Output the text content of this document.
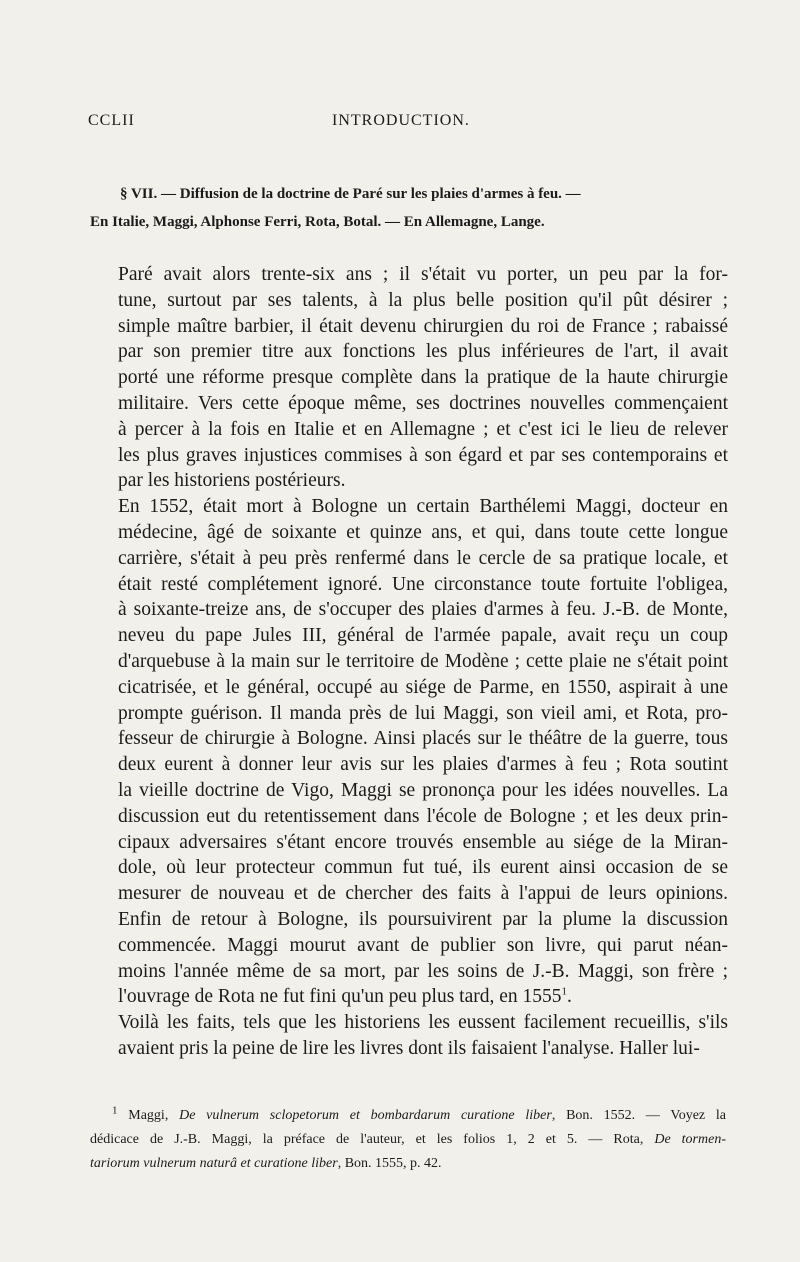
CCLII	INTRODUCTION.
§ VII. — Diffusion de la doctrine de Paré sur les plaies d'armes à feu. —
En Italie, Maggi, Alphonse Ferri, Rota, Botal. — En Allemagne, Lange.

Paré avait alors trente-six ans ; il s'était vu porter, un peu par la for-
tune, surtout par ses talents, à la plus belle position qu'il pût désirer ;
simple maître barbier, il était devenu chirurgien du roi de France ; rabaissé
par son premier titre aux fonctions les plus inférieures de l'art, il avait
porté une réforme presque complète dans la pratique de la haute chirurgie
militaire. Vers cette époque même, ses doctrines nouvelles commençaient
à percer à la fois en Italie et en Allemagne ; et c'est ici le lieu de relever
les plus graves injustices commises à son égard et par ses contemporains et
par les historiens postérieurs.

En 1552, était mort à Bologne un certain Barthélemi Maggi, docteur en
médecine, âgé de soixante et quinze ans, et qui, dans toute cette longue
carrière, s'était à peu près renfermé dans le cercle de sa pratique locale, et
était resté complétement ignoré. Une circonstance toute fortuite l'obligea,
à soixante-treize ans, de s'occuper des plaies d'armes à feu. J.-B. de Monte,
neveu du pape Jules III, général de l'armée papale, avait reçu un coup
d'arquebuse à la main sur le territoire de Modène ; cette plaie ne s'était point
cicatrisée, et le général, occupé au siége de Parme, en 1550, aspirait à une
prompte guérison. Il manda près de lui Maggi, son vieil ami, et Rota, pro-
fesseur de chirurgie à Bologne. Ainsi placés sur le théâtre de la guerre, tous
deux eurent à donner leur avis sur les plaies d'armes à feu ; Rota soutint
la vieille doctrine de Vigo, Maggi se prononça pour les idées nouvelles. La
discussion eut du retentissement dans l'école de Bologne ; et les deux prin-
cipaux adversaires s'étant encore trouvés ensemble au siége de la Miran-
dole, où leur protecteur commun fut tué, ils eurent ainsi occasion de se
mesurer de nouveau et de chercher des faits à l'appui de leurs opinions.
Enfin de retour à Bologne, ils poursuivirent par la plume la discussion
commencée. Maggi mourut avant de publier son livre, qui parut néan-
moins l'année même de sa mort, par les soins de J.-B. Maggi, son frère ;
l'ouvrage de Rota ne fut fini qu'un peu plus tard, en 1555$^1$.

Voilà les faits, tels que les historiens les eussent facilement recueillis, s'ils
avaient pris la peine de lire les livres dont ils faisaient l'analyse. Haller lui-

$^1$ Maggi, De vulnerum sclopetorum et bombardarum curatione liber, Bon. 1552. — Voyez la
dédicace de J.-B. Maggi, la préface de l'auteur, et les folios 1, 2 et 5. — Rota, De tormen-
tariorum vulnerum naturâ et curatione liber, Bon. 1555, p. 42.
